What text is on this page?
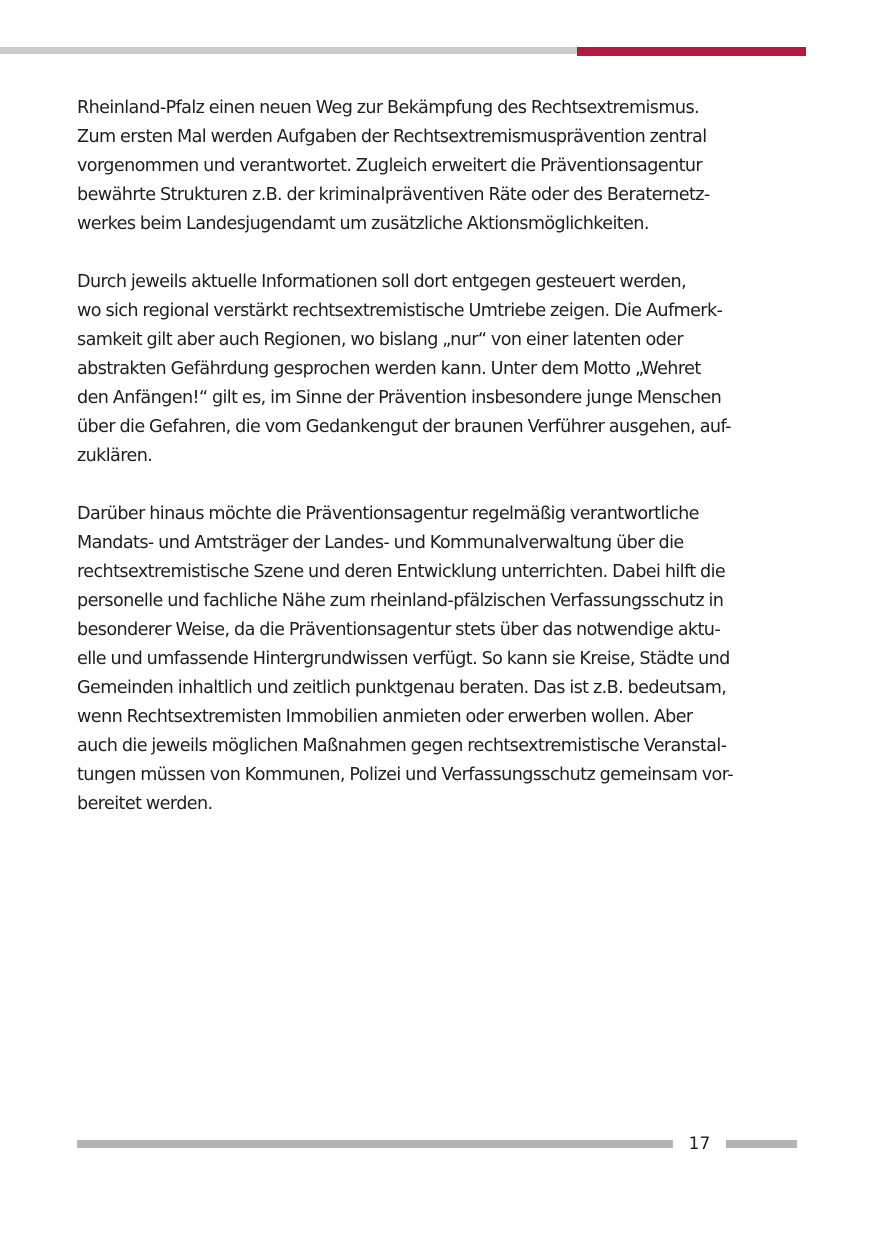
Rheinland-Pfalz einen neuen Weg zur Bekämpfung des Rechtsextremismus.
Zum ersten Mal werden Aufgaben der Rechtsextremismusprävention zentral
vorgenommen und verantwortet. Zugleich erweitert die Präventionsagentur
bewährte Strukturen z.B. der kriminalpräventiven Räte oder des Beraternetz-
werkes beim Landesjugendamt um zusätzliche Aktionsmöglichkeiten.

Durch jeweils aktuelle Informationen soll dort entgegen gesteuert werden,
wo sich regional verstärkt rechtsextremistische Umtriebe zeigen. Die Aufmerk-
samkeit gilt aber auch Regionen, wo bislang „nur“ von einer latenten oder
abstrakten Gefährdung gesprochen werden kann. Unter dem Motto „Wehret
den Anfängen!“ gilt es, im Sinne der Prävention insbesondere junge Menschen
über die Gefahren, die vom Gedankengut der braunen Verführer ausgehen, auf-
zuklären.

Darüber hinaus möchte die Präventionsagentur regelmäßig verantwortliche
Mandats- und Amtsträger der Landes- und Kommunalverwaltung über die
rechtsextremistische Szene und deren Entwicklung unterrichten. Dabei hilft die
personelle und fachliche Nähe zum rheinland-pfälzischen Verfassungsschutz in
besonderer Weise, da die Präventionsagentur stets über das notwendige aktu-
elle und umfassende Hintergrundwissen verfügt. So kann sie Kreise, Städte und
Gemeinden inhaltlich und zeitlich punktgenau beraten. Das ist z.B. bedeutsam,
wenn Rechtsextremisten Immobilien anmieten oder erwerben wollen. Aber
auch die jeweils möglichen Maßnahmen gegen rechtsextremistische Veranstal-
tungen müssen von Kommunen, Polizei und Verfassungsschutz gemeinsam vor-
bereitet werden.

17
